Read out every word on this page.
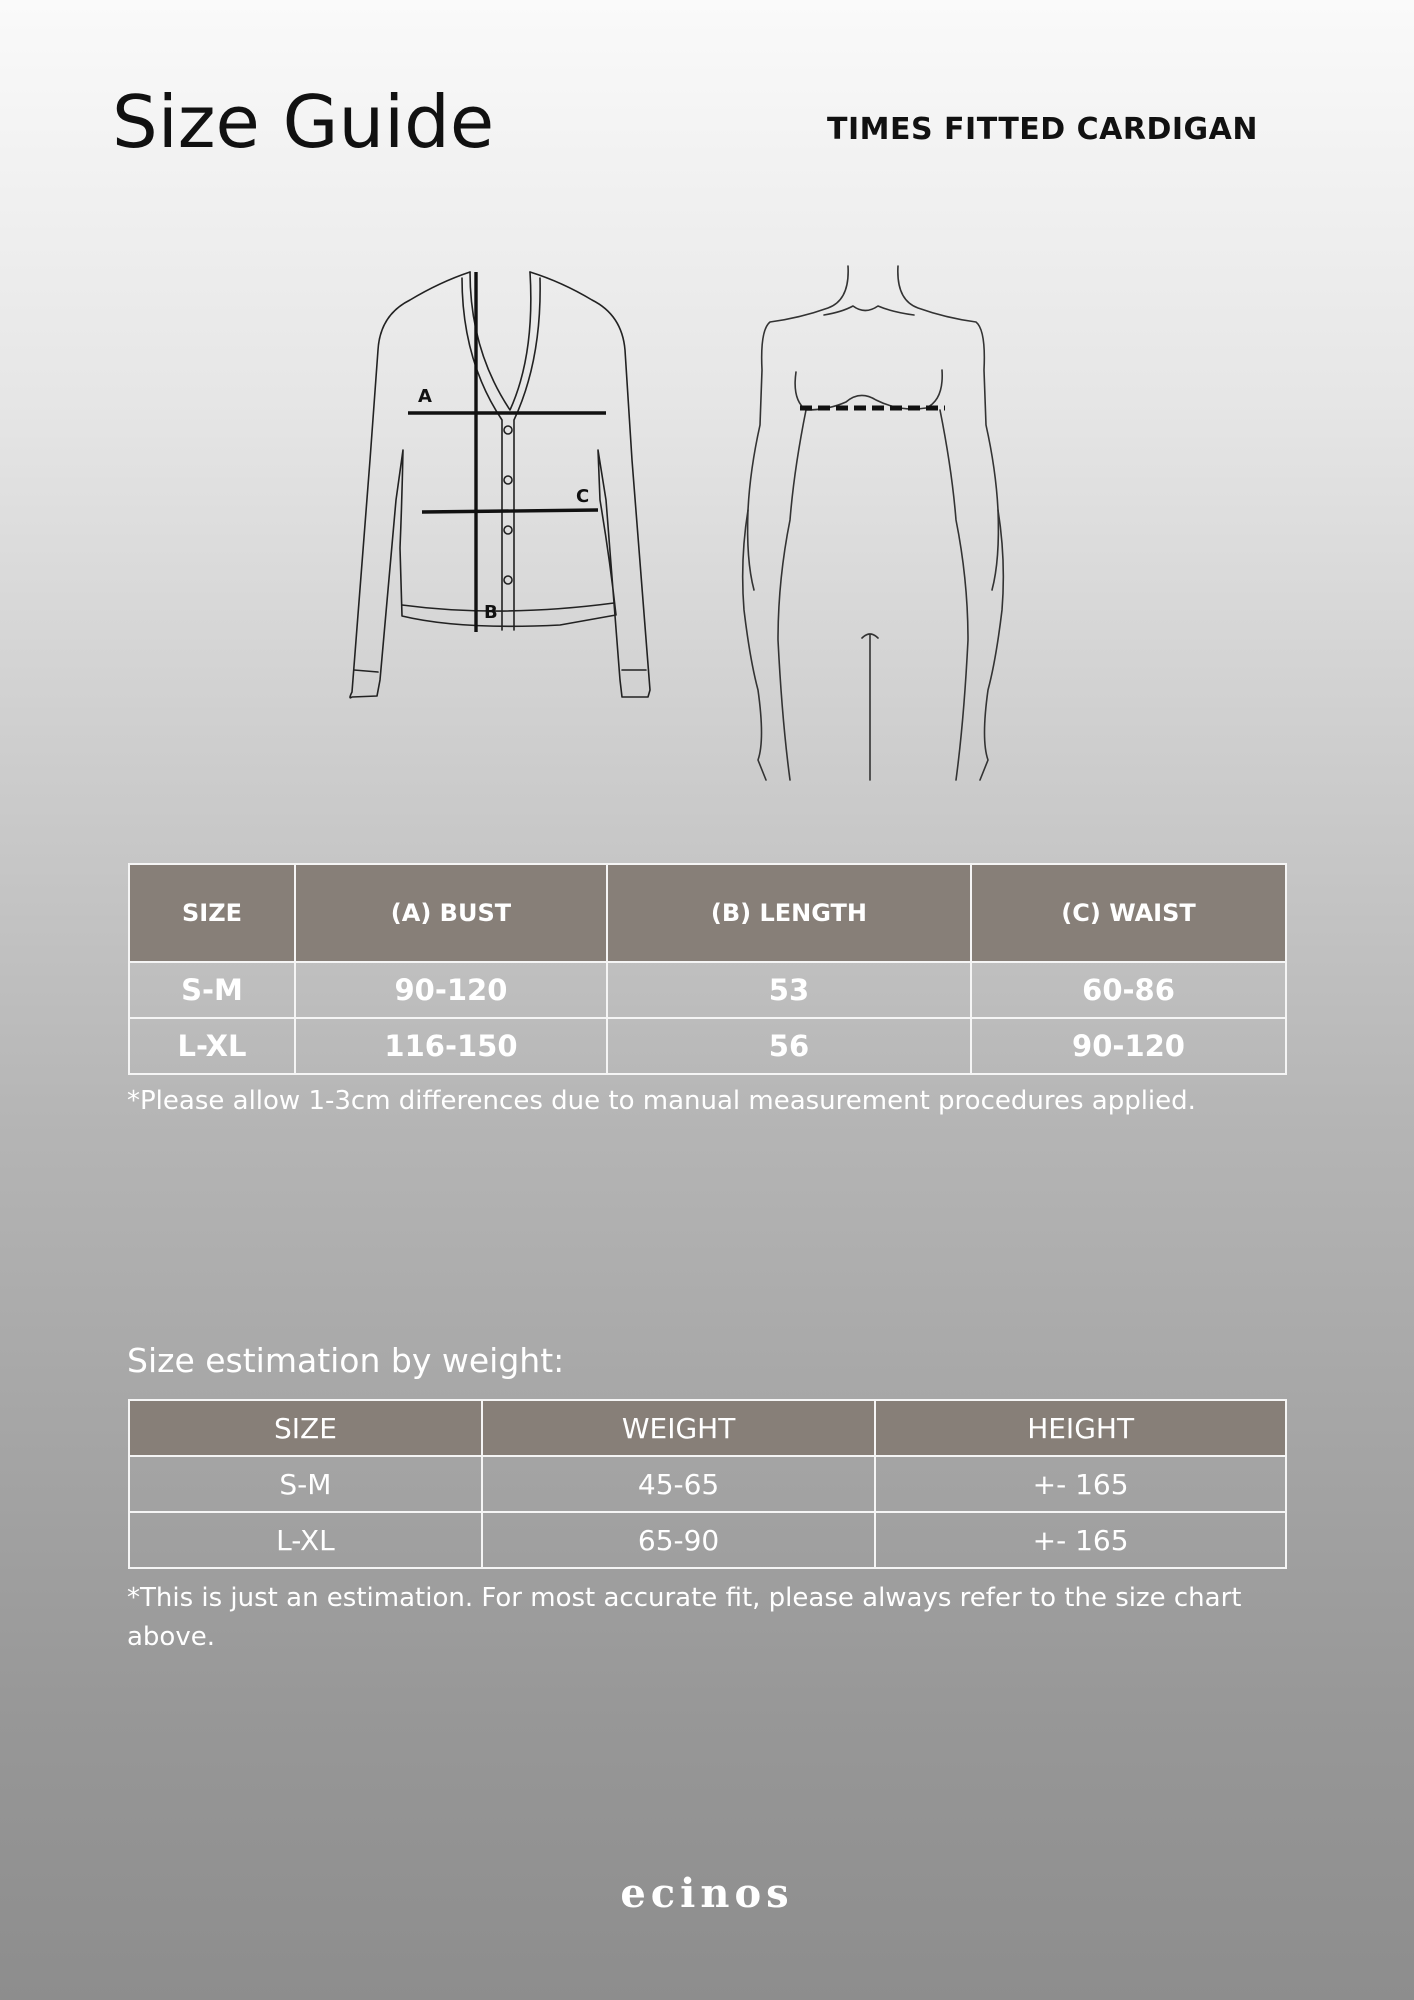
Size Guide	TIMES FITTED CARDIGAN
A
B
C
SIZE	(A) BUST	(B) LENGTH	(C) WAIST
S-M	90-120	53	60-86
L-XL	116-150	56	90-120
*Please allow 1-3cm differences due to manual measurement procedures applied.
Size estimation by weight:
SIZE	WEIGHT	HEIGHT
S-M	45-65	+- 165
L-XL	65-90	+- 165
*This is just an estimation. For most accurate fit, please always refer to the size chart above.
ecinos
